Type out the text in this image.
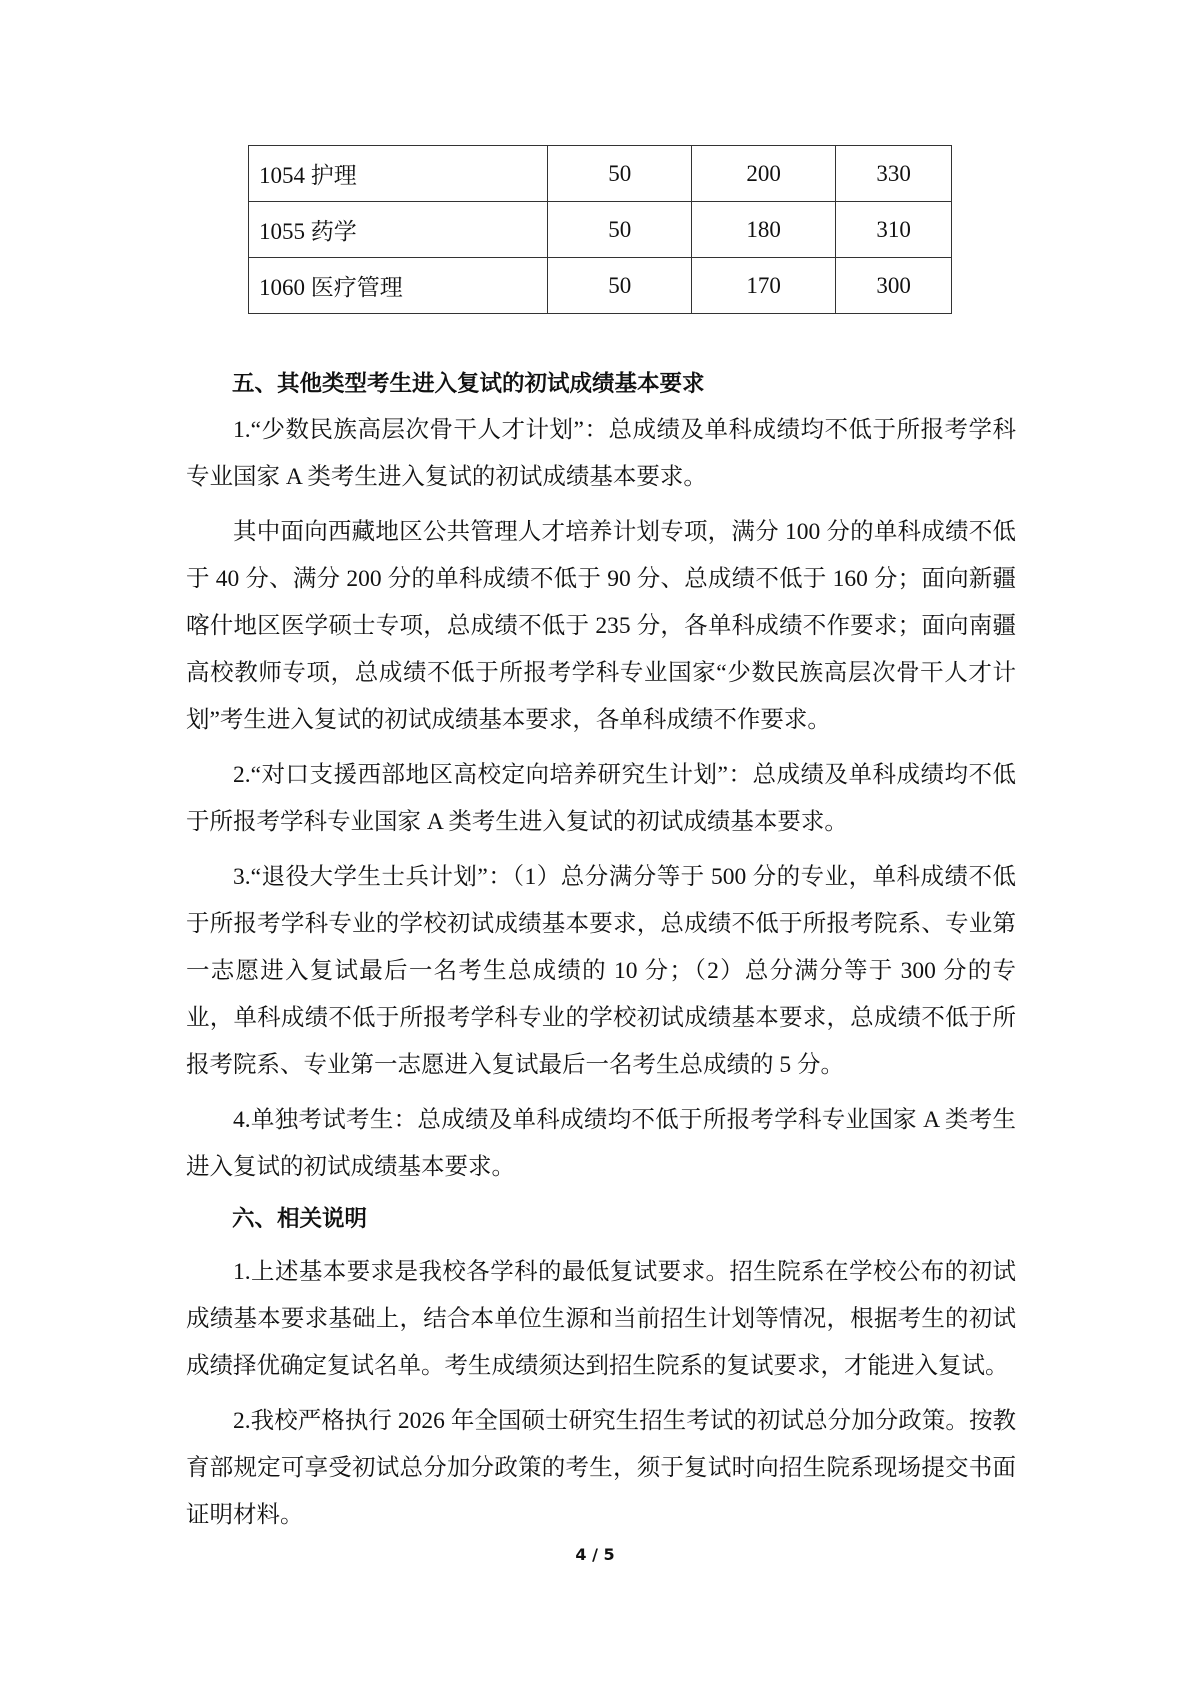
1054 护理	50	200	330
1055 药学	50	180	310
1060 医疗管理	50	170	300
五、其他类型考生进入复试的初试成绩基本要求

1.“少数民族高层次骨干人才计划”：总成绩及单科成绩均不低于所报考学科专业国家 A 类考生进入复试的初试成绩基本要求。

其中面向西藏地区公共管理人才培养计划专项，满分 100 分的单科成绩不低于 40 分、满分 200 分的单科成绩不低于 90 分、总成绩不低于 160 分；面向新疆喀什地区医学硕士专项，总成绩不低于 235 分，各单科成绩不作要求；面向南疆高校教师专项，总成绩不低于所报考学科专业国家“少数民族高层次骨干人才计划”考生进入复试的初试成绩基本要求，各单科成绩不作要求。

2.“对口支援西部地区高校定向培养研究生计划”：总成绩及单科成绩均不低于所报考学科专业国家 A 类考生进入复试的初试成绩基本要求。

3.“退役大学生士兵计划”：（1）总分满分等于 500 分的专业，单科成绩不低于所报考学科专业的学校初试成绩基本要求，总成绩不低于所报考院系、专业第一志愿进入复试最后一名考生总成绩的 10 分；（2）总分满分等于 300 分的专业，单科成绩不低于所报考学科专业的学校初试成绩基本要求，总成绩不低于所报考院系、专业第一志愿进入复试最后一名考生总成绩的 5 分。

4.单独考试考生：总成绩及单科成绩均不低于所报考学科专业国家 A 类考生进入复试的初试成绩基本要求。

六、相关说明

1.上述基本要求是我校各学科的最低复试要求。招生院系在学校公布的初试成绩基本要求基础上，结合本单位生源和当前招生计划等情况，根据考生的初试成绩择优确定复试名单。考生成绩须达到招生院系的复试要求，才能进入复试。

2.我校严格执行 2026 年全国硕士研究生招生考试的初试总分加分政策。按教育部规定可享受初试总分加分政策的考生，须于复试时向招生院系现场提交书面证明材料。

4 / 5
